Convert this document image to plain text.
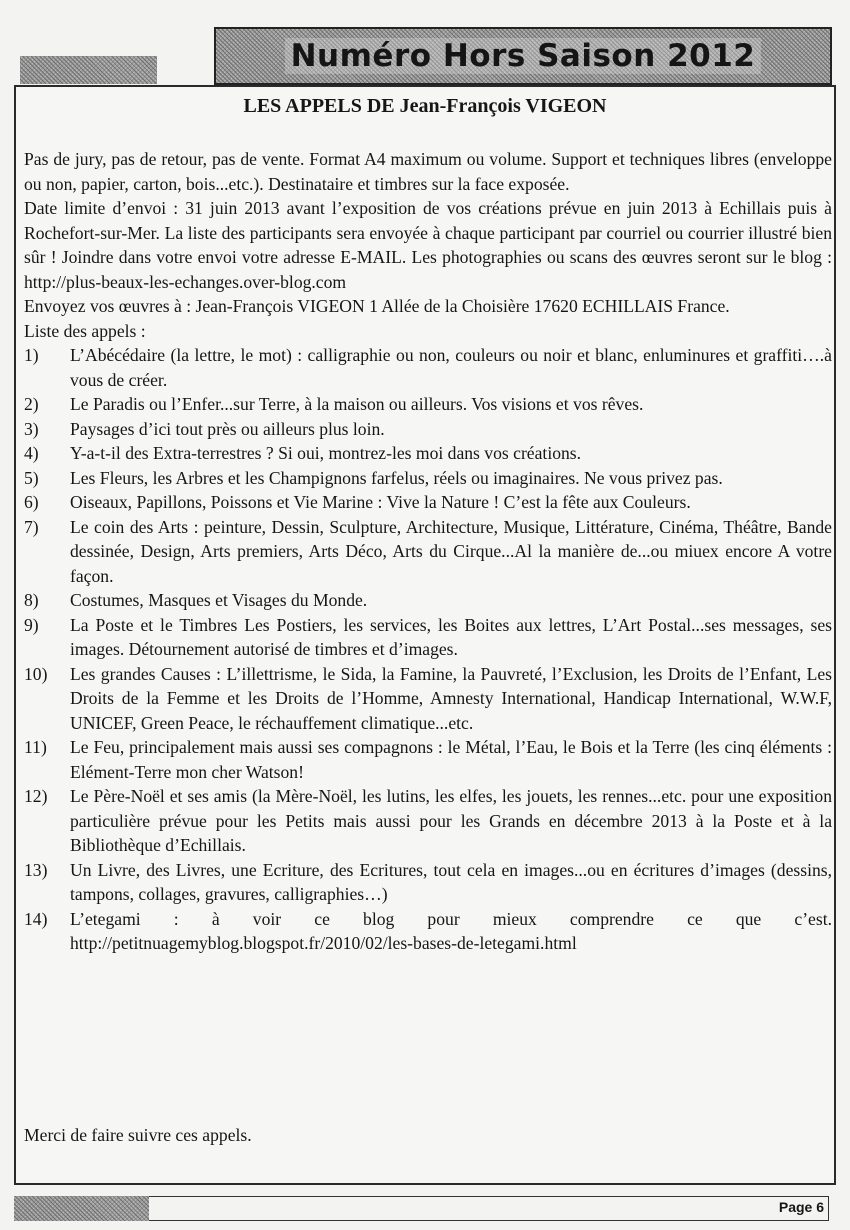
Numéro Hors Saison 2012
LES APPELS DE Jean-François VIGEON

Pas de jury, pas de retour, pas de vente. Format A4 maximum ou volume. Support et techniques libres (enveloppe ou non, papier, carton, bois...etc.). Destinataire et timbres sur la face exposée.

Date limite d’envoi : 31 juin 2013 avant l’exposition de vos créations prévue en juin 2013 à Echillais puis à Rochefort-sur-Mer. La liste des participants sera envoyée à chaque participant par courriel ou courrier illustré bien sûr ! Joindre dans votre envoi votre adresse E-MAIL. Les photographies ou scans des œuvres seront sur le blog : http://plus-beaux-les-echanges.over-blog.com

Envoyez vos œuvres à : Jean-François VIGEON 1 Allée de la Choisière 17620 ECHILLAIS France.

Liste des appels :

1) L’Abécédaire (la lettre, le mot) : calligraphie ou non, couleurs ou noir et blanc, enluminures et graffiti….à vous de créer.
2) Le Paradis ou l’Enfer...sur Terre, à la maison ou ailleurs. Vos visions et vos rêves.
3) Paysages d’ici tout près ou ailleurs plus loin.
4) Y-a-t-il des Extra-terrestres ? Si oui, montrez-les moi dans vos créations.
5) Les Fleurs, les Arbres et les Champignons farfelus, réels ou imaginaires. Ne vous privez pas.
6) Oiseaux, Papillons, Poissons et Vie Marine : Vive la Nature ! C’est la fête aux Couleurs.
7) Le coin des Arts : peinture, Dessin, Sculpture, Architecture, Musique, Littérature, Cinéma, Théâtre, Bande dessinée, Design, Arts premiers, Arts Déco, Arts du Cirque...Al la manière de...ou miuex encore A votre façon.
8) Costumes, Masques et Visages du Monde.
9) La Poste et le Timbres Les Postiers, les services, les Boites aux lettres, L’Art Postal...ses messages, ses images. Détournement autorisé de timbres et d’images.
10) Les grandes Causes : L’illettrisme, le Sida, la Famine, la Pauvreté, l’Exclusion, les Droits de l’Enfant, Les Droits de la Femme et les Droits de l’Homme, Amnesty International, Handicap International, W.W.F, UNICEF, Green Peace, le réchauffement climatique...etc.
11) Le Feu, principalement mais aussi ses compagnons : le Métal, l’Eau, le Bois et la Terre (les cinq éléments : Elément-Terre mon cher Watson!
12) Le Père-Noël et ses amis (la Mère-Noël, les lutins, les elfes, les jouets, les rennes...etc. pour une exposition particulière prévue pour les Petits mais aussi pour les Grands en décembre 2013 à la Poste et à la Bibliothèque d’Echillais.
13) Un Livre, des Livres, une Ecriture, des Ecritures, tout cela en images...ou en écritures d’images (dessins, tampons, collages, gravures, calligraphies…)
14) L’etegami : à voir ce blog pour mieux comprendre ce que c’est. http://petitnuagemyblog.blogspot.fr/2010/02/les-bases-de-letegami.html
Merci de faire suivre ces appels.
Page 6
